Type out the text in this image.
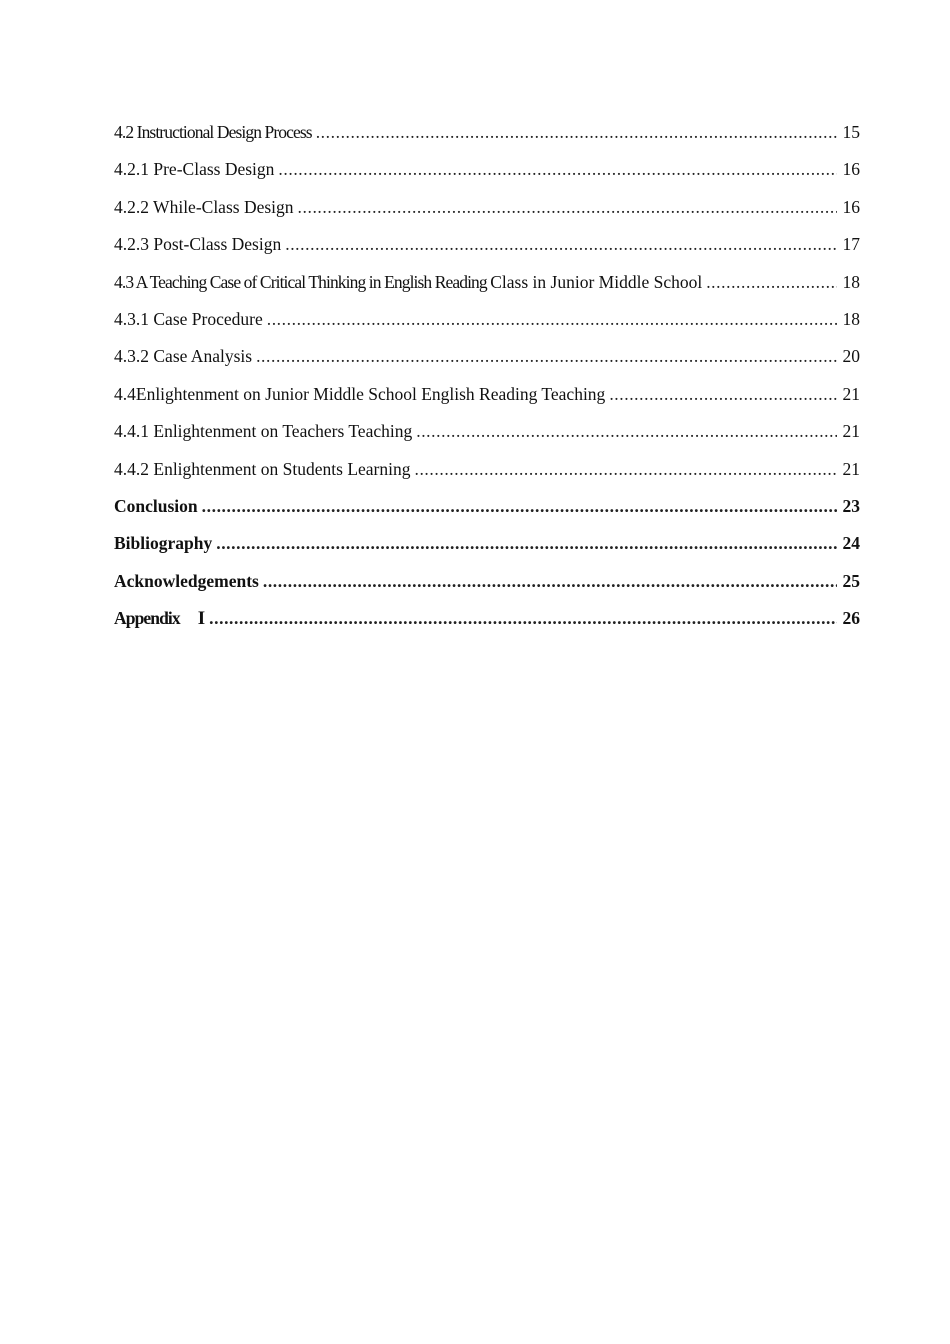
4.2 Instructional Design Process .....	15
4.2.1 Pre-Class Design .....	16
4.2.2 While-Class Design .....	16
4.2.3 Post-Class Design .....	17
4.3 A Teaching Case of Critical Thinking in English Reading Class in Junior Middle School .....	18
4.3.1 Case Procedure .....	18
4.3.2 Case Analysis .....	20
4.4Enlightenment on Junior Middle School English Reading Teaching .....	21
4.4.1 Enlightenment on Teachers Teaching .....	21
4.4.2 Enlightenment on Students Learning .....	21
Conclusion .....	23
Bibliography .....	24
Acknowledgements .....	25
Appendix I .....	26
